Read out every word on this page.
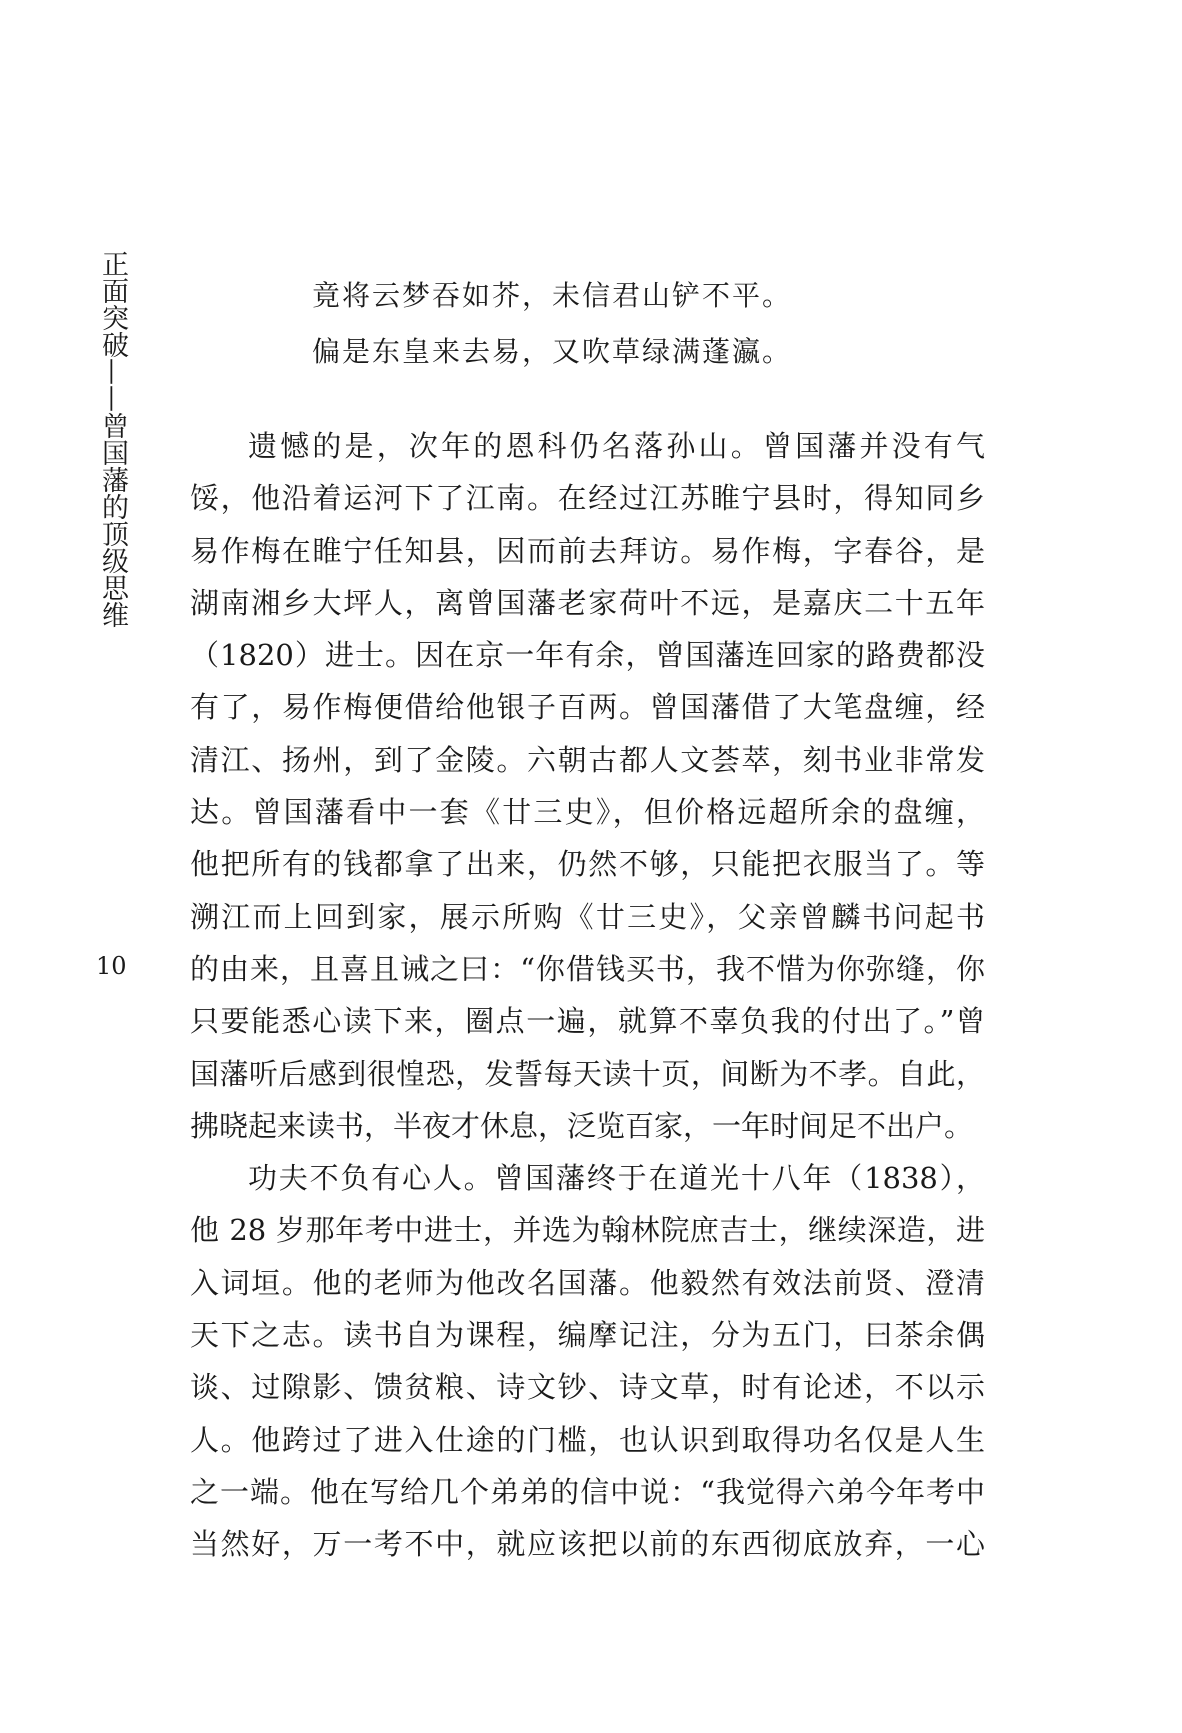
正面突破——曾国藩的顶级思维
10
竟将云梦吞如芥，未信君山铲不平。
偏是东皇来去易，又吹草绿满蓬瀛。
遗憾的是，次年的恩科仍名落孙山。曾国藩并没有气
馁，他沿着运河下了江南。在经过江苏睢宁县时，得知同乡
易作梅在睢宁任知县，因而前去拜访。易作梅，字春谷，是
湖南湘乡大坪人，离曾国藩老家荷叶不远，是嘉庆二十五年
（1820）进士。因在京一年有余，曾国藩连回家的路费都没
有了，易作梅便借给他银子百两。曾国藩借了大笔盘缠，经
清江、扬州，到了金陵。六朝古都人文荟萃，刻书业非常发
达。曾国藩看中一套《廿三史》，但价格远超所余的盘缠，
他把所有的钱都拿了出来，仍然不够，只能把衣服当了。等
溯江而上回到家，展示所购《廿三史》，父亲曾麟书问起书
的由来，且喜且诫之曰：“你借钱买书，我不惜为你弥缝，你
只要能悉心读下来，圈点一遍，就算不辜负我的付出了。”曾
国藩听后感到很惶恐，发誓每天读十页，间断为不孝。自此，
拂晓起来读书，半夜才休息，泛览百家，一年时间足不出户。
功夫不负有心人。曾国藩终于在道光十八年（1838），
他 28 岁那年考中进士，并选为翰林院庶吉士，继续深造，进
入词垣。他的老师为他改名国藩。他毅然有效法前贤、澄清
天下之志。读书自为课程，编摩记注，分为五门，曰茶余偶
谈、过隙影、馈贫粮、诗文钞、诗文草，时有论述，不以示
人。他跨过了进入仕途的门槛，也认识到取得功名仅是人生
之一端。他在写给几个弟弟的信中说：“我觉得六弟今年考中
当然好，万一考不中，就应该把以前的东西彻底放弃，一心
